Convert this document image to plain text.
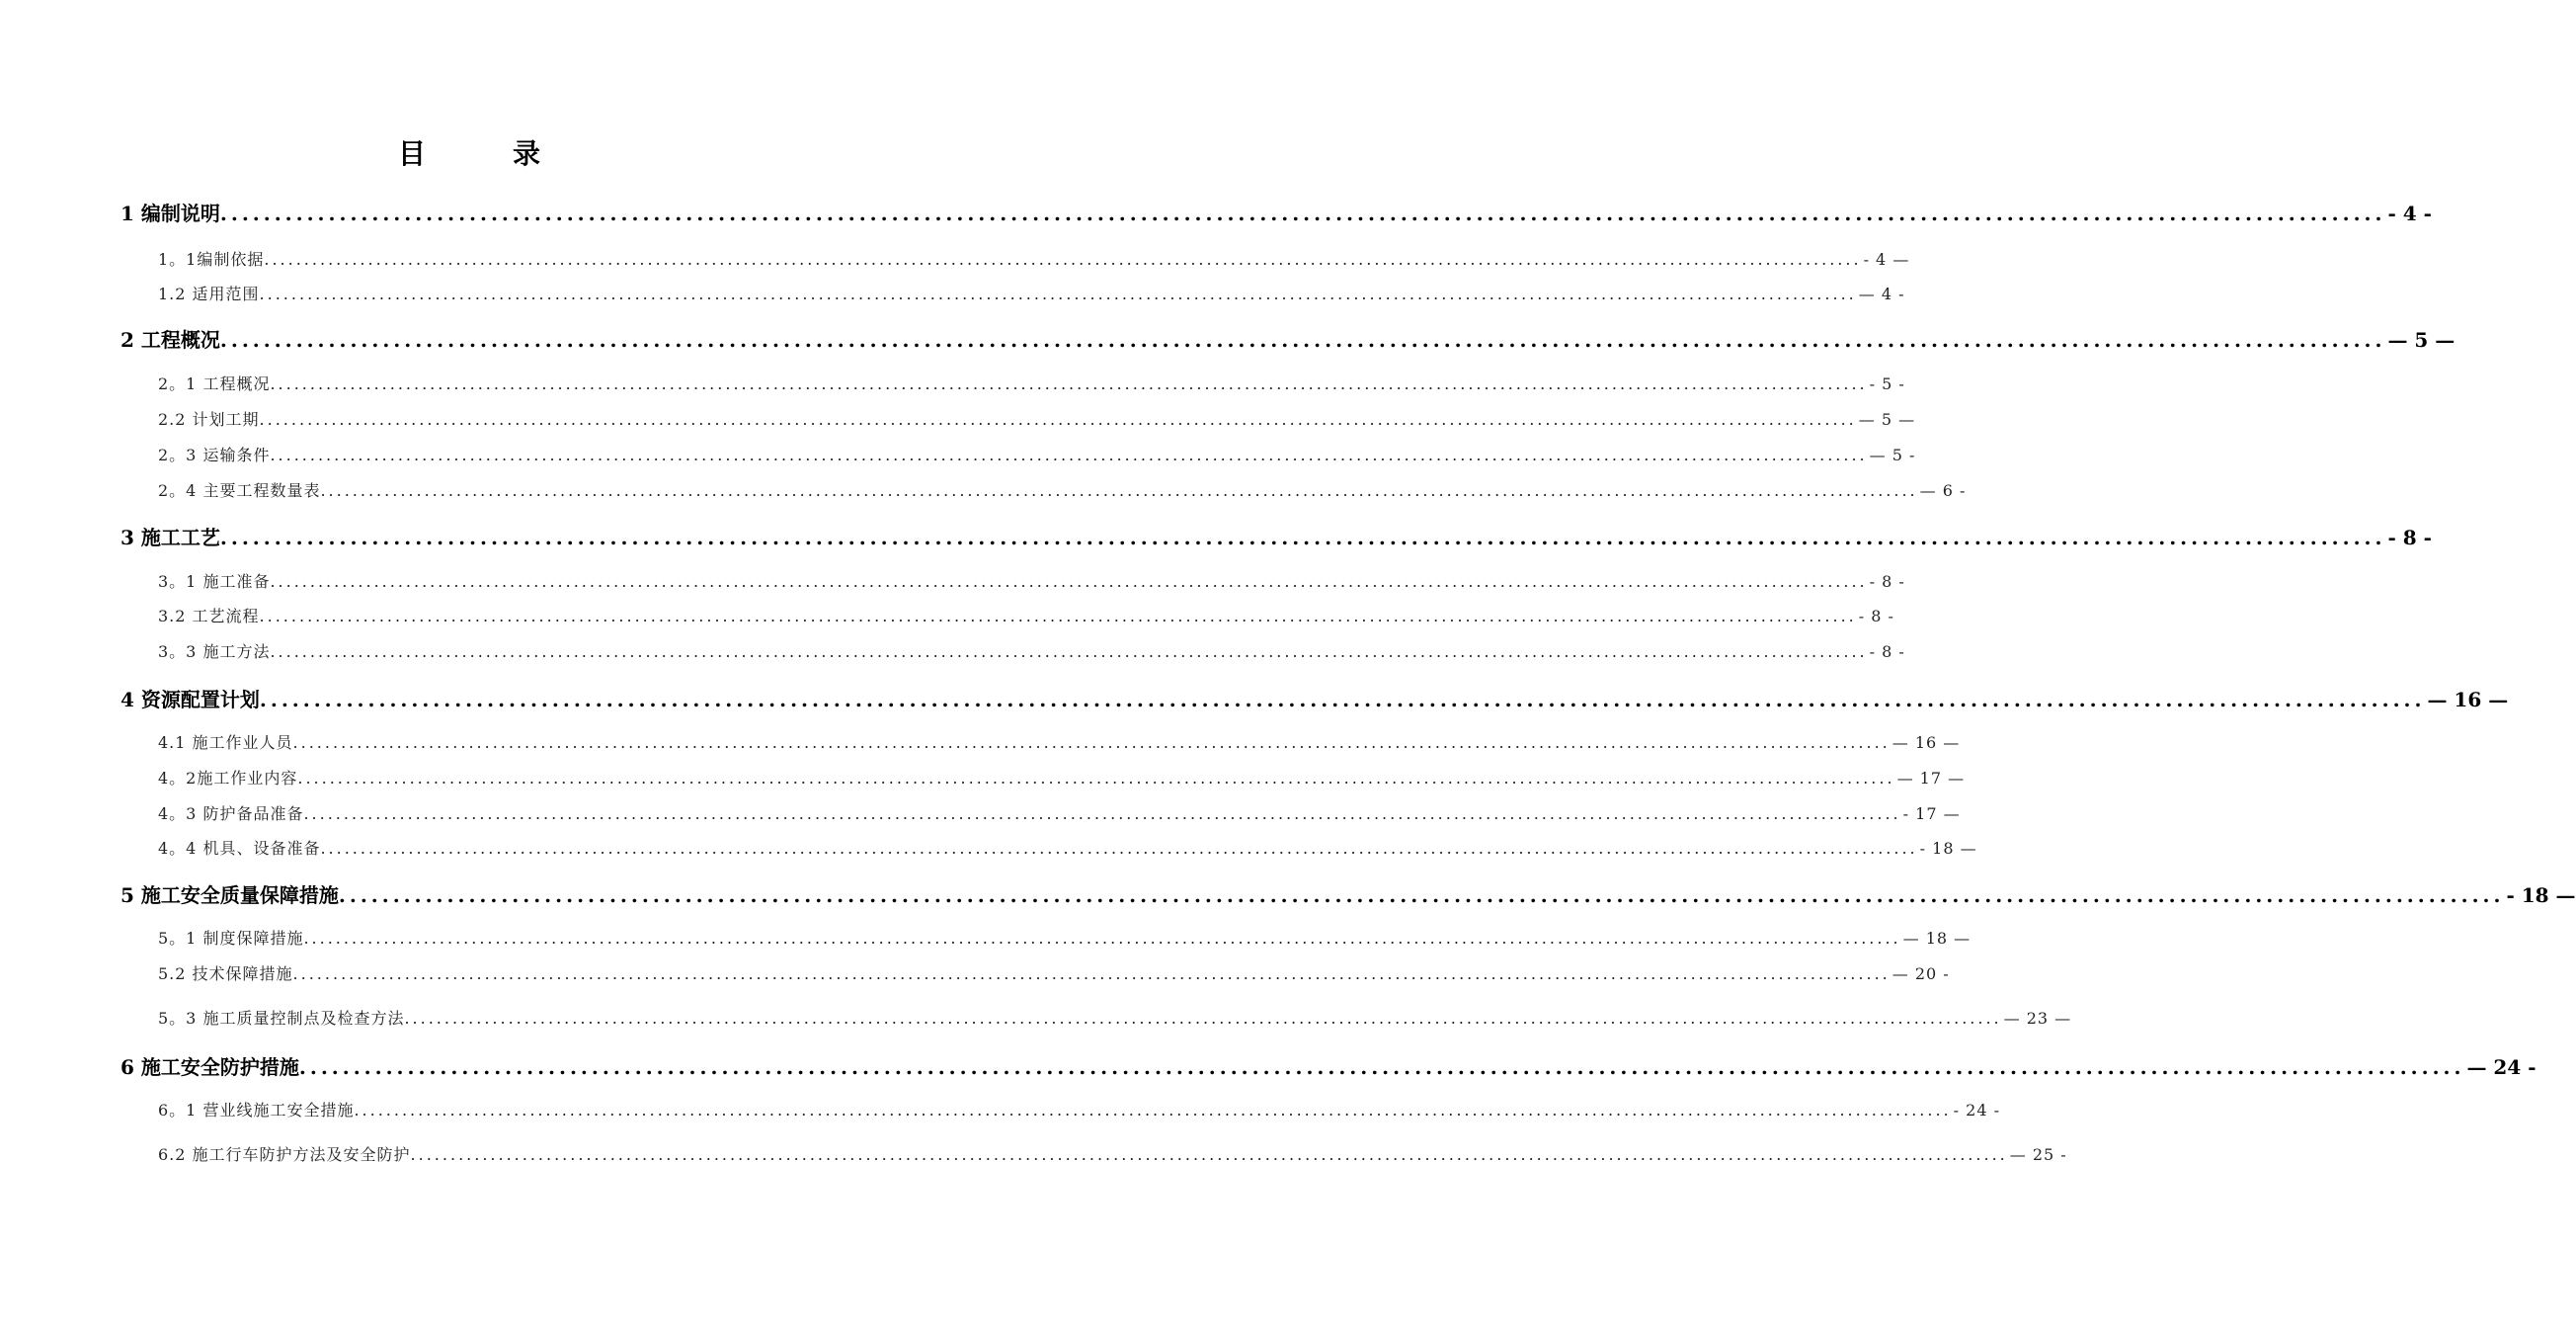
目　录
1 编制说明 ........................................................................................................................................................................................................ - 4 -
1。1编制依据 ........................................................................................................................................................................................................ - 4 —
1.2 适用范围 ........................................................................................................................................................................................................ — 4 -
2 工程概况 ........................................................................................................................................................................................................ — 5 —
2。1 工程概况 ........................................................................................................................................................................................................ - 5 -
2.2 计划工期 ........................................................................................................................................................................................................ — 5 —
2。3 运输条件 ........................................................................................................................................................................................................ — 5 -
2。4 主要工程数量表 ........................................................................................................................................................................................................ — 6 -
3 施工工艺 ........................................................................................................................................................................................................ - 8 -
3。1 施工准备 ........................................................................................................................................................................................................ - 8 -
3.2 工艺流程 ........................................................................................................................................................................................................ - 8 -
3。3 施工方法 ........................................................................................................................................................................................................ - 8 -
4 资源配置计划 ........................................................................................................................................................................................................ — 16 —
4.1 施工作业人员 ........................................................................................................................................................................................................ — 16 —
4。2施工作业内容 ........................................................................................................................................................................................................ — 17 —
4。3 防护备品准备 ........................................................................................................................................................................................................ - 17 —
4。4 机具、设备准备 ........................................................................................................................................................................................................ - 18 —
5 施工安全质量保障措施 ........................................................................................................................................................................................................ - 18 —
5。1 制度保障措施 ........................................................................................................................................................................................................ — 18 —
5.2 技术保障措施 ........................................................................................................................................................................................................ — 20 -
5。3 施工质量控制点及检查方法 ........................................................................................................................................................................................................ — 23 —
6 施工安全防护措施 ........................................................................................................................................................................................................ — 24 -
6。1 营业线施工安全措施 ........................................................................................................................................................................................................ - 24 -
6.2 施工行车防护方法及安全防护 ........................................................................................................................................................................................................ — 25 -
